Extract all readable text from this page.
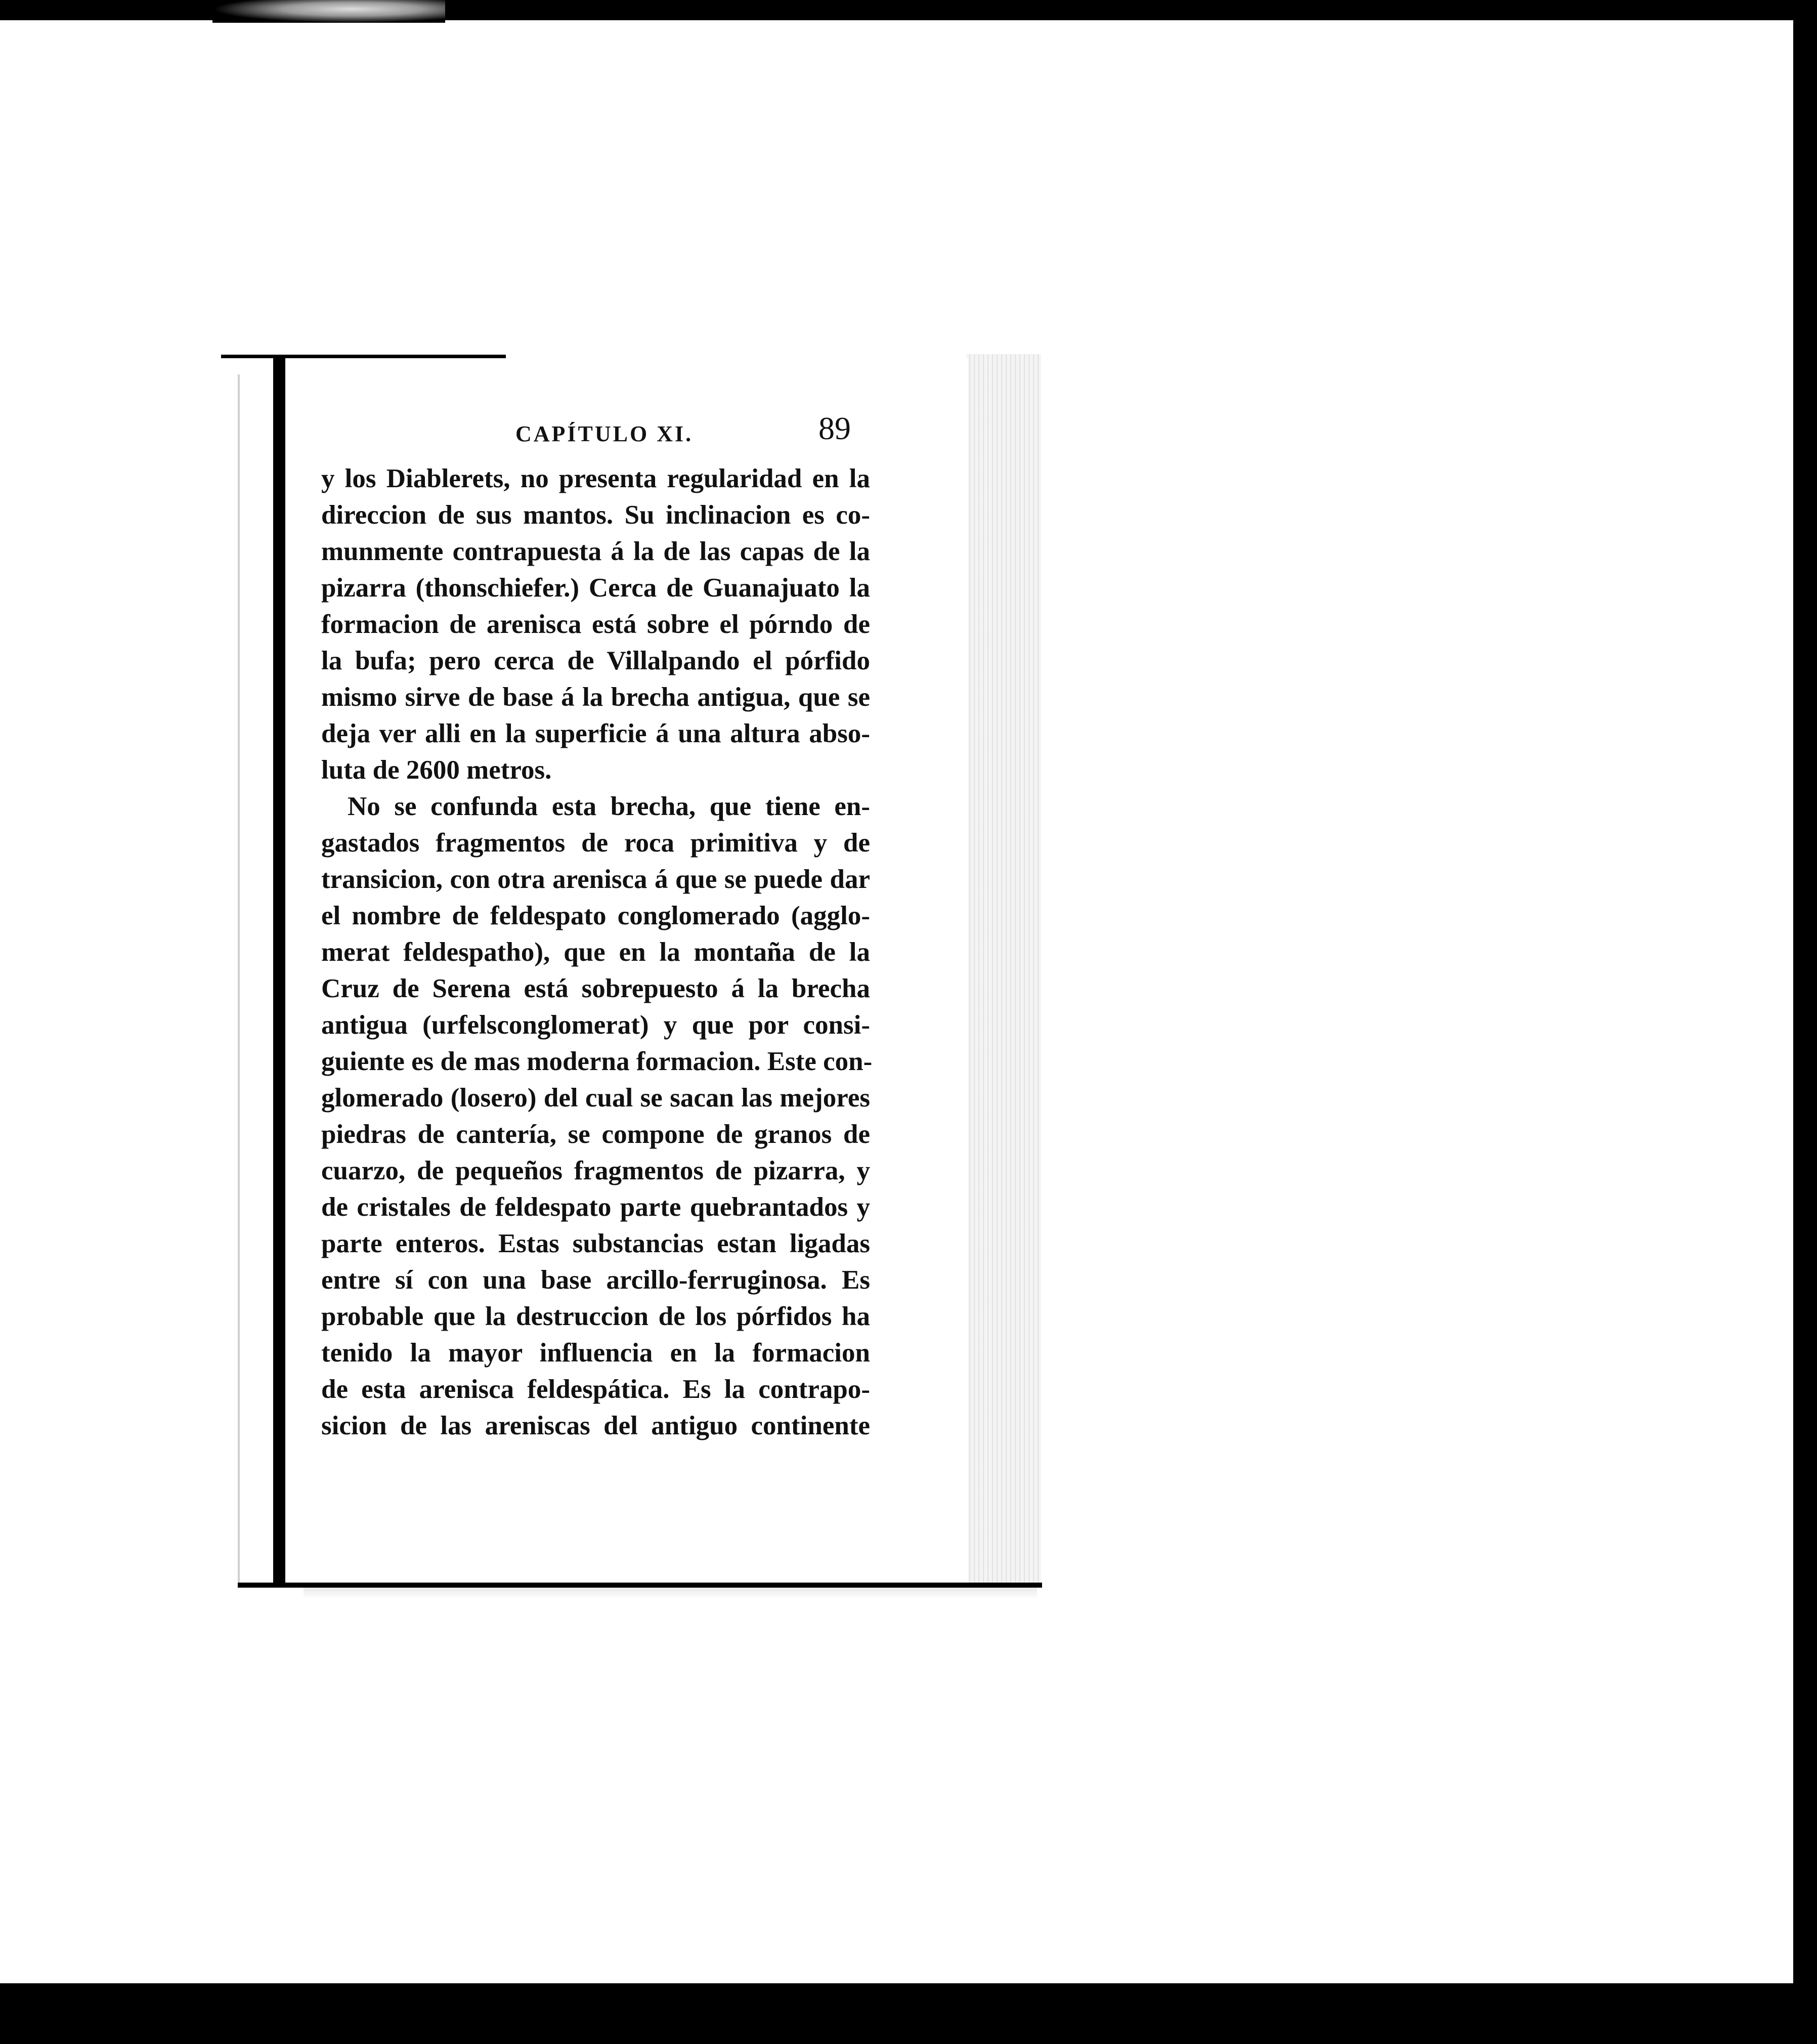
CAPÍTULO XI.	89
y los Diablerets, no presenta regularidad en la
direccion de sus mantos. Su inclinacion es co-
munmente contrapuesta á la de las capas de la
pizarra (thonschiefer.) Cerca de Guanajuato la
formacion de arenisca está sobre el pórndo de
la bufa; pero cerca de Villalpando el pórfido
mismo sirve de base á la brecha antigua, que se
deja ver alli en la superficie á una altura abso-
luta de 2600 metros.
No se confunda esta brecha, que tiene en-
gastados fragmentos de roca primitiva y de
transicion, con otra arenisca á que se puede dar
el nombre de feldespato conglomerado (agglo-
merat feldespatho), que en la montaña de la
Cruz de Serena está sobrepuesto á la brecha
antigua (urfelsconglomerat) y que por consi-
guiente es de mas moderna formacion. Este con-
glomerado (losero) del cual se sacan las mejores
piedras de cantería, se compone de granos de
cuarzo, de pequeños fragmentos de pizarra, y
de cristales de feldespato parte quebrantados y
parte enteros. Estas substancias estan ligadas
entre sí con una base arcillo-ferruginosa. Es
probable que la destruccion de los pórfidos ha
tenido la mayor influencia en la formacion
de esta arenisca feldespática. Es la contrapo-
sicion de las areniscas del antiguo continente
